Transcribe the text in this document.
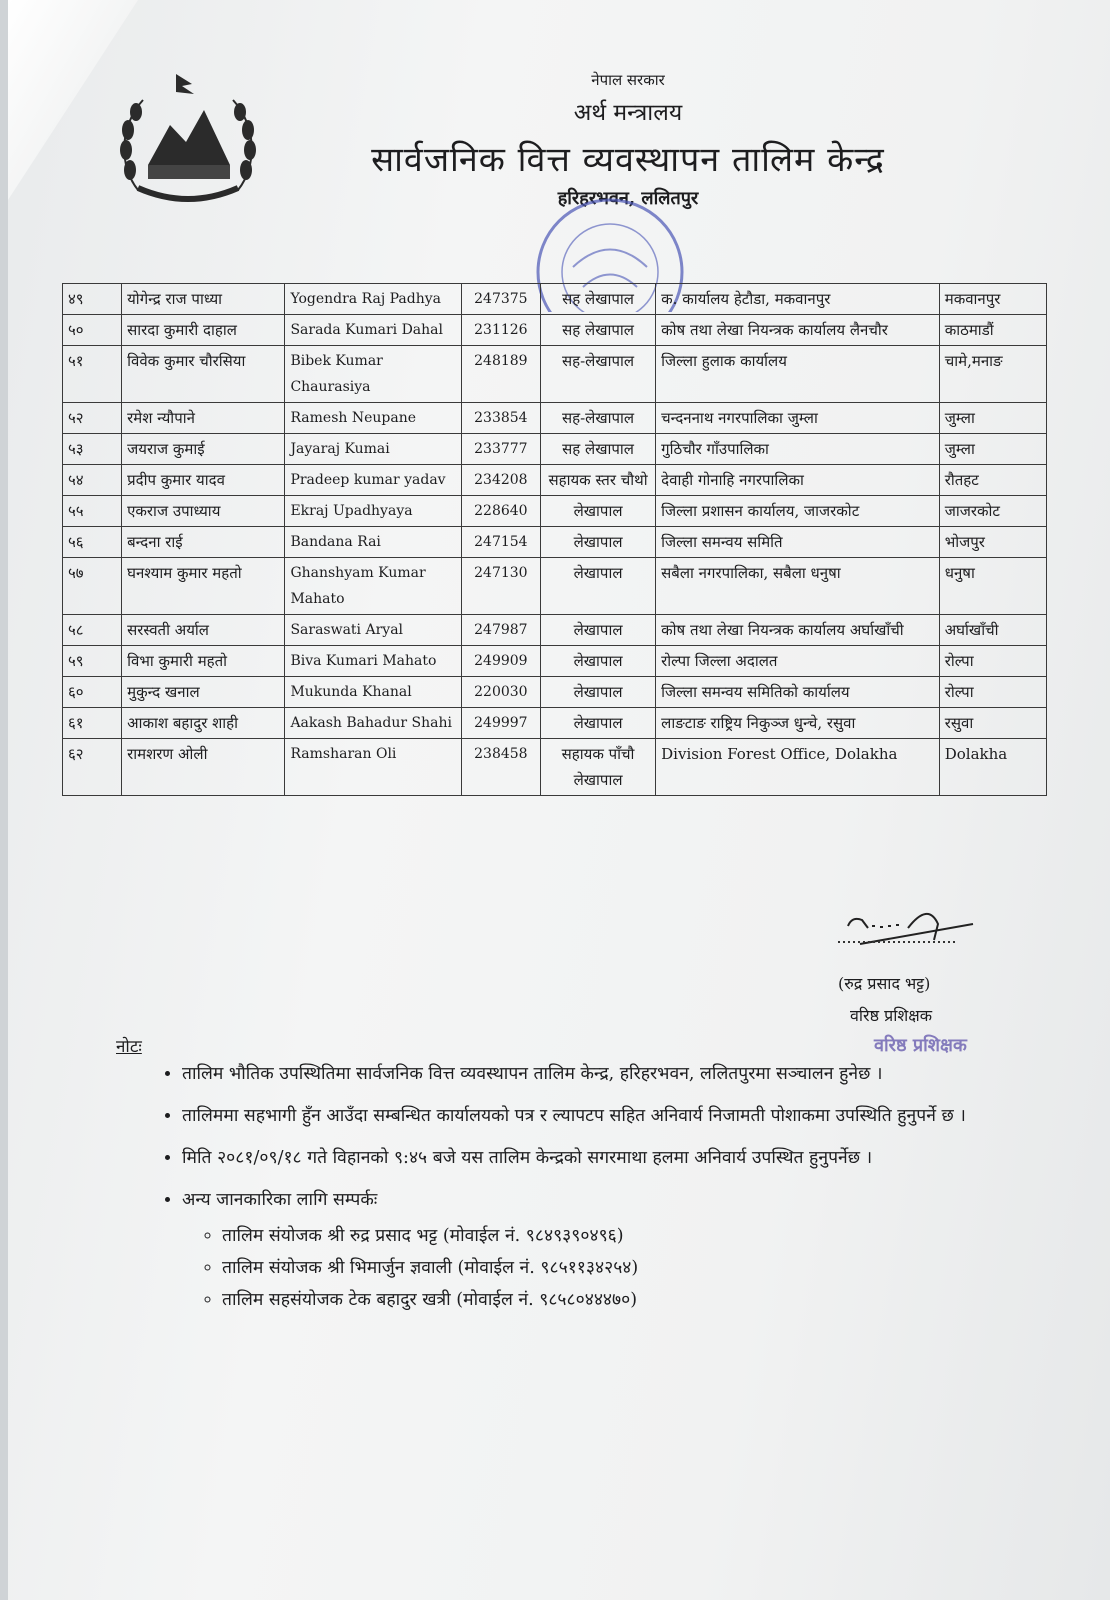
नेपाल सरकार
अर्थ मन्त्रालय
सार्वजनिक वित्त व्यवस्थापन तालिम केन्द्र
हरिहरभवन, ललितपुर
४९	योगेन्द्र राज पाध्या	Yogendra Raj Padhya	247375	सह लेखापाल	क. कार्यालय हेटौडा, मकवानपुर	मकवानपुर
५०	सारदा कुमारी दाहाल	Sarada Kumari Dahal	231126	सह लेखापाल	कोष तथा लेखा नियन्त्रक कार्यालय लैनचौर	काठमाडौं
५१	विवेक कुमार चौरसिया	Bibek Kumar Chaurasiya	248189	सह-लेखापाल	जिल्ला हुलाक कार्यालय	चामे,मनाङ
५२	रमेश न्यौपाने	Ramesh Neupane	233854	सह-लेखापाल	चन्दननाथ नगरपालिका जुम्ला	जुम्ला
५३	जयराज कुमाई	Jayaraj Kumai	233777	सह लेखापाल	गुठिचौर गाँउपालिका	जुम्ला
५४	प्रदीप कुमार यादव	Pradeep kumar yadav	234208	सहायक स्तर चौथो	देवाही गोनाहि नगरपालिका	रौतहट
५५	एकराज उपाध्याय	Ekraj Upadhyaya	228640	लेखापाल	जिल्ला प्रशासन कार्यालय, जाजरकोट	जाजरकोट
५६	बन्दना राई	Bandana Rai	247154	लेखापाल	जिल्ला समन्वय समिति	भोजपुर
५७	घनश्याम कुमार महतो	Ghanshyam Kumar Mahato	247130	लेखापाल	सबैला नगरपालिका, सबैला धनुषा	धनुषा
५८	सरस्वती अर्याल	Saraswati Aryal	247987	लेखापाल	कोष तथा लेखा नियन्त्रक कार्यालय अर्घाखाँची	अर्घाखाँची
५९	विभा कुमारी महतो	Biva Kumari Mahato	249909	लेखापाल	रोल्पा जिल्ला अदालत	रोल्पा
६०	मुकुन्द खनाल	Mukunda Khanal	220030	लेखापाल	जिल्ला समन्वय समितिको कार्यालय	रोल्पा
६१	आकाश बहादुर शाही	Aakash Bahadur Shahi	249997	लेखापाल	लाङटाङ राष्ट्रिय निकुञ्ज धुन्चे, रसुवा	रसुवा
६२	रामशरण ओली	Ramsharan Oli	238458	सहायक पाँचौ लेखापाल	Division Forest Office, Dolakha	Dolakha
(रुद्र प्रसाद भट्ट)
वरिष्ठ प्रशिक्षक
वरिष्ठ प्रशिक्षक
नोटः
• तालिम भौतिक उपस्थितिमा सार्वजनिक वित्त व्यवस्थापन तालिम केन्द्र, हरिहरभवन, ललितपुरमा सञ्चालन हुनेछ ।
• तालिममा सहभागी हुँन आउँदा सम्बन्धित कार्यालयको पत्र र ल्यापटप सहित अनिवार्य निजामती पोशाकमा उपस्थिति हुनुपर्ने छ ।
• मिति २०८१/०९/१८ गते विहानको ९:४५ बजे यस तालिम केन्द्रको सगरमाथा हलमा अनिवार्य उपस्थित हुनुपर्नेछ ।
• अन्य जानकारिका लागि सम्पर्कः
◦ तालिम संयोजक श्री रुद्र प्रसाद भट्ट (मोवाईल नं. ९८४९३९०४९६)
◦ तालिम संयोजक श्री भिमार्जुन ज्ञवाली (मोवाईल नं. ९८५११३४२५४)
◦ तालिम सहसंयोजक टेक बहादुर खत्री (मोवाईल नं. ९८५८०४४४७०)
